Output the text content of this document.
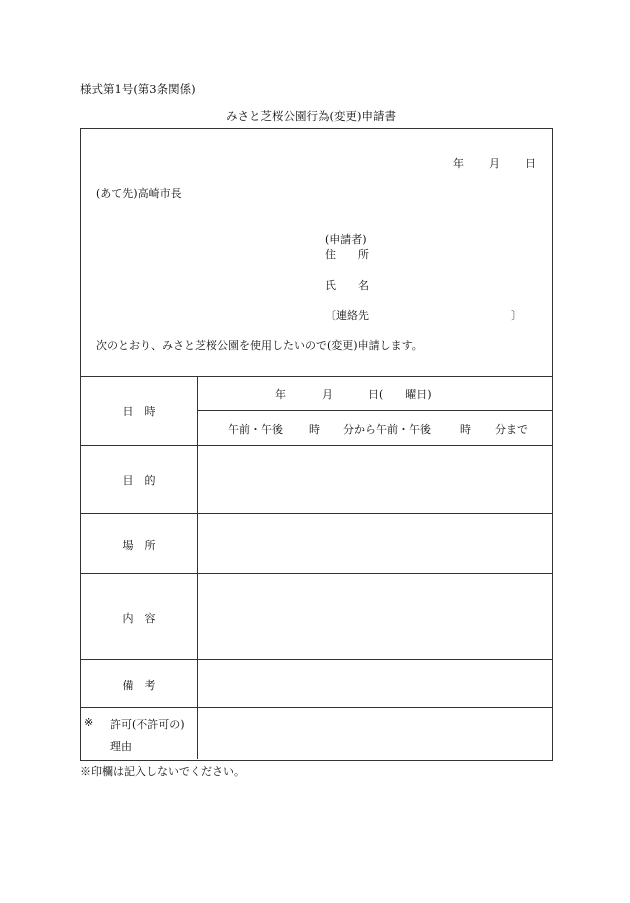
様式第1号(第3条関係)
みさと芝桜公園行為(変更)申請書
年 月 日
(あて先)高崎市長
(申請者)
住　　所
氏　　名
〔連絡先	〕
次のとおり、みさと芝桜公園を使用したいので(変更)申請します。
日　時
年	月	日(　　曜日)
午前・午後 時 分から午前・午後	時 分まで
目　的
場　所
内　容
備　考
※ 許可(不許可の)
理由
※印欄は記入しないでください。
